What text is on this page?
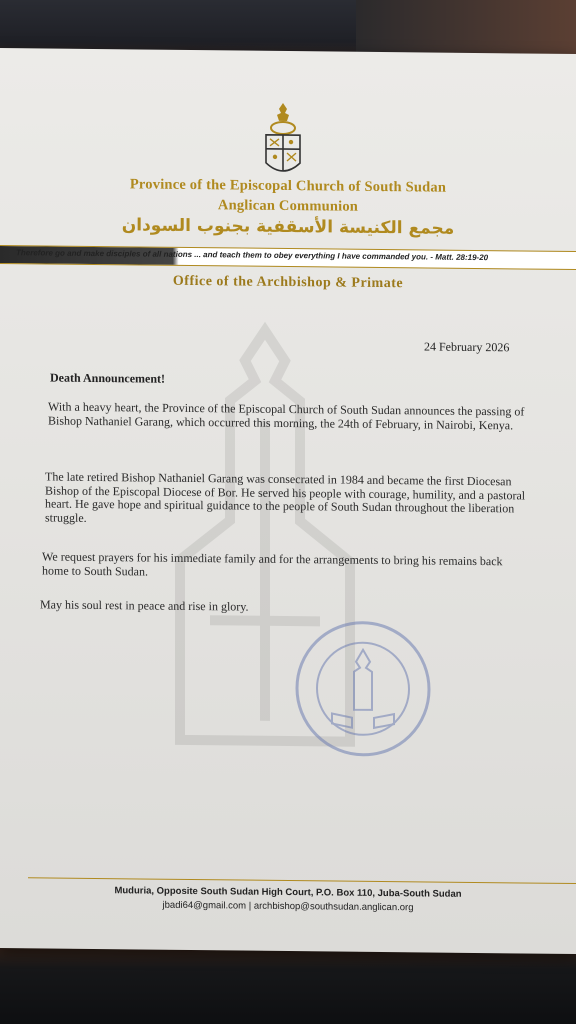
Province of the Episcopal Church of South Sudan
Anglican Communion
مجمع الكنيسة الأسقفية بجنوب السودان
Therefore go and make disciples of all nations ... and teach them to obey everything I have commanded you. - Matt. 28:19-20
Office of the Archbishop & Primate
24 February 2026
Death Announcement!

With a heavy heart, the Province of the Episcopal Church of South Sudan announces the passing of Bishop Nathaniel Garang, which occurred this morning, the 24th of February, in Nairobi, Kenya.

The late retired Bishop Nathaniel Garang was consecrated in 1984 and became the first Diocesan Bishop of the Episcopal Diocese of Bor. He served his people with courage, humility, and a pastoral heart. He gave hope and spiritual guidance to the people of South Sudan throughout the liberation struggle.

We request prayers for his immediate family and for the arrangements to bring his remains back home to South Sudan.

May his soul rest in peace and rise in glory.

Muduria, Opposite South Sudan High Court, P.O. Box 110, Juba-South Sudan
jbadi64@gmail.com | archbishop@southsudan.anglican.org
